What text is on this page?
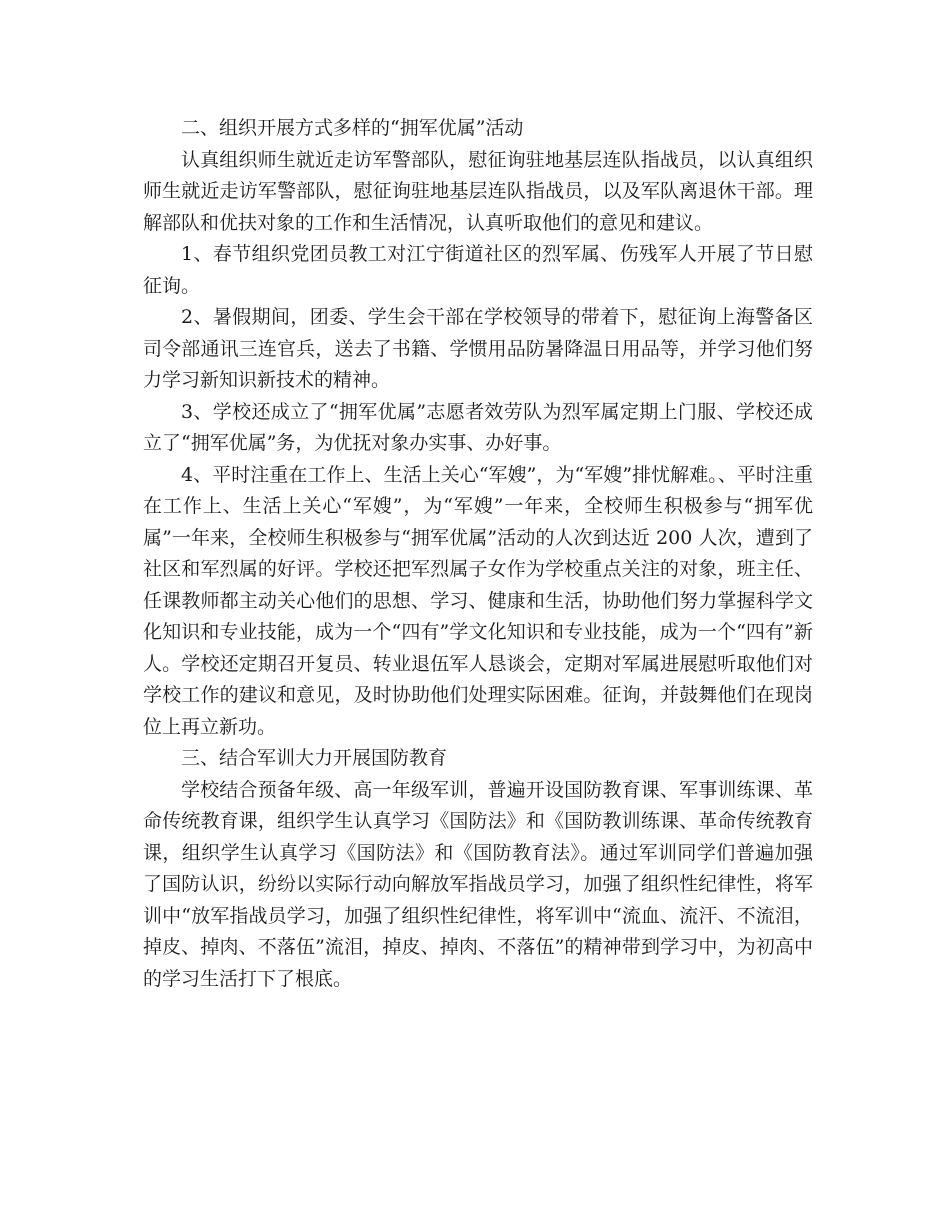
二、组织开展方式多样的“拥军优属”活动

认真组织师生就近走访军警部队，慰征询驻地基层连队指战员，以认真组织师生就近走访军警部队，慰征询驻地基层连队指战员，以及军队离退休干部。理解部队和优扶对象的工作和生活情况，认真听取他们的意见和建议。

1、春节组织党团员教工对江宁街道社区的烈军属、伤残军人开展了节日慰征询。

2、暑假期间，团委、学生会干部在学校领导的带着下，慰征询上海警备区司令部通讯三连官兵，送去了书籍、学惯用品防暑降温日用品等，并学习他们努力学习新知识新技术的精神。

3、学校还成立了“拥军优属”志愿者效劳队为烈军属定期上门服、学校还成立了“拥军优属”务，为优抚对象办实事、办好事。

4、平时注重在工作上、生活上关心“军嫂”，为“军嫂”排忧解难。、平时注重在工作上、生活上关心“军嫂”，为“军嫂”一年来，全校师生积极参与“拥军优属”一年来，全校师生积极参与“拥军优属”活动的人次到达近 200 人次，遭到了社区和军烈属的好评。学校还把军烈属子女作为学校重点关注的对象，班主任、任课教师都主动关心他们的思想、学习、健康和生活，协助他们努力掌握科学文化知识和专业技能，成为一个“四有”学文化知识和专业技能，成为一个“四有”新人。学校还定期召开复员、转业退伍军人恳谈会，定期对军属进展慰听取他们对学校工作的建议和意见，及时协助他们处理实际困难。征询，并鼓舞他们在现岗位上再立新功。

三、结合军训大力开展国防教育

学校结合预备年级、高一年级军训，普遍开设国防教育课、军事训练课、革命传统教育课，组织学生认真学习《国防法》和《国防教训练课、革命传统教育课，组织学生认真学习《国防法》和《国防教育法》。通过军训同学们普遍加强了国防认识，纷纷以实际行动向解放军指战员学习，加强了组织性纪律性，将军训中“放军指战员学习，加强了组织性纪律性，将军训中“流血、流汗、不流泪，掉皮、掉肉、不落伍”流泪，掉皮、掉肉、不落伍”的精神带到学习中，为初高中的学习生活打下了根底。
